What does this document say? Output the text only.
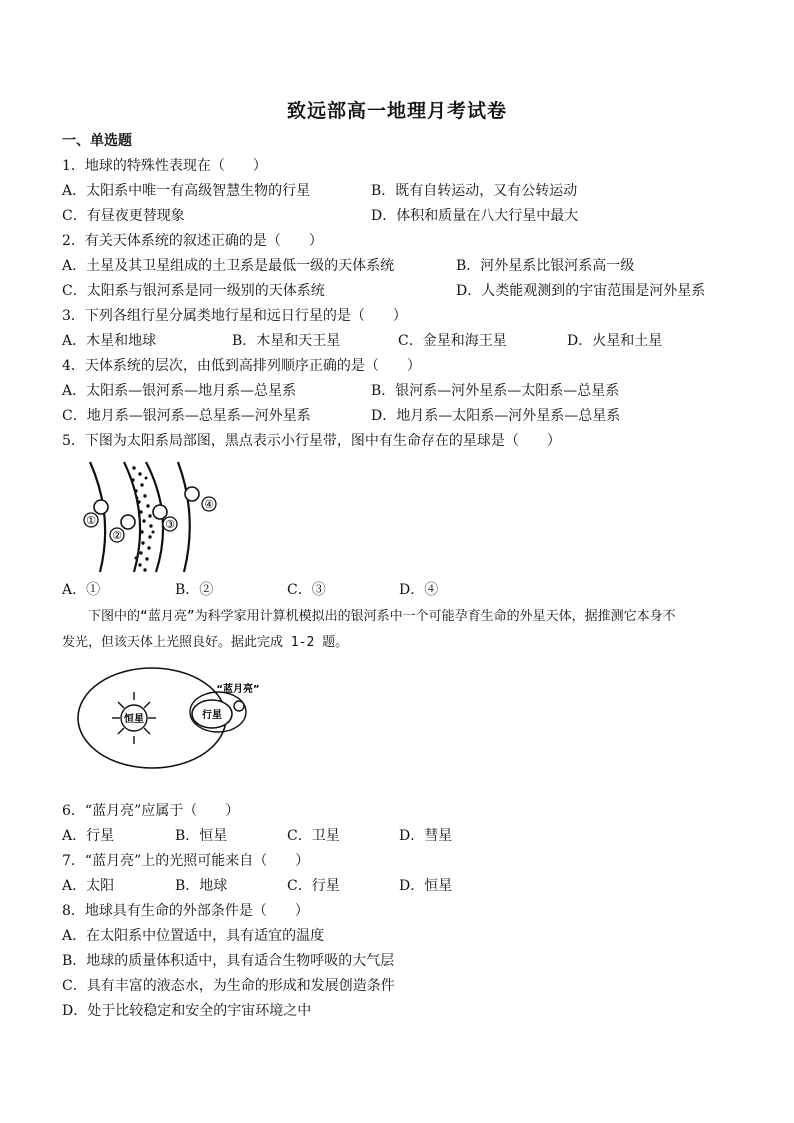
致远部高一地理月考试卷
一、单选题
1．地球的特殊性表现在（　　）
A．太阳系中唯一有高级智慧生物的行星	B．既有自转运动，又有公转运动
C．有昼夜更替现象	D．体积和质量在八大行星中最大
2．有关天体系统的叙述正确的是（　　）
A．土星及其卫星组成的土卫系是最低一级的天体系统	B．河外星系比银河系高一级
C．太阳系与银河系是同一级别的天体系统	D．人类能观测到的宇宙范围是河外星系
3．下列各组行星分属类地行星和远日行星的是（　　）
A．木星和地球	B．木星和天王星	C．金星和海王星	D．火星和土星
4．天体系统的层次，由低到高排列顺序正确的是（　　）
A．太阳系—银河系—地月系—总星系	B．银河系—河外星系—太阳系—总星系
C．地月系—银河系—总星系—河外星系	D．地月系—太阳系—河外星系—总星系
5．下图为太阳系局部图，黑点表示小行星带，图中有生命存在的星球是（　　）
①
②
③
④
A．①	B．②	C．③	D．④
下图中的“蓝月亮”为科学家用计算机模拟出的银河系中一个可能孕育生命的外星天体，据推测它本身不
发光，但该天体上光照良好。据此完成 1-2 题。
恒星	行星
“蓝月亮”
6．“蓝月亮”应属于（　　）
A．行星	B．恒星	C．卫星	D．彗星
7．“蓝月亮”上的光照可能来自（　　）
A．太阳	B．地球	C．行星	D．恒星
8．地球具有生命的外部条件是（　　）
A．在太阳系中位置适中，具有适宜的温度
B．地球的质量体积适中，具有适合生物呼吸的大气层
C．具有丰富的液态水，为生命的形成和发展创造条件
D．处于比较稳定和安全的宇宙环境之中
